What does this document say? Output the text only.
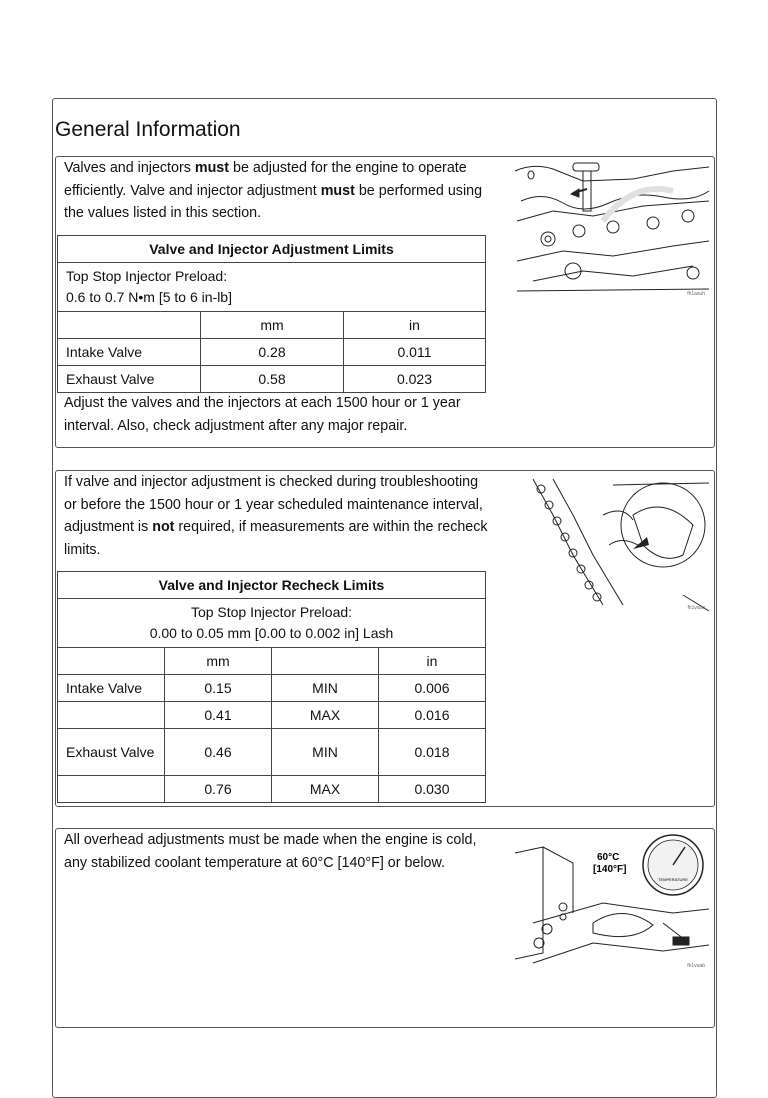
General Information
Valves and injectors must be adjusted for the engine to operate efficiently. Valve and injector adjustment must be performed using the values listed in this section.
Valve and Injector Adjustment Limits		
Top Stop Injector Preload:
0.6 to 0.7 N•m [5 to 6 in-lb]		
	mm	in
Intake Valve	0.28	0.011
Exhaust Valve	0.58	0.023
Adjust the valves and the injectors at each 1500 hour or 1 year interval. Also, check adjustment after any major repair.
fh1asuh
If valve and injector adjustment is checked during troubleshooting or before the 1500 hour or 1 year scheduled maintenance interval, adjustment is not required, if measurements are within the recheck limits.
Valve and Injector Recheck Limits			
Top Stop Injector Preload:
0.00 to 0.05 mm [0.00 to 0.002 in] Lash			
	mm		in
Intake Valve	0.15	MIN	0.006
	0.41	MAX	0.016
Exhaust Valve	0.46	MIN	0.018
	0.76	MAX	0.030
fh1vasa
All overhead adjustments must be made when the engine is cold, any stabilized coolant temperature at 60°C [140°F] or below.
TEMPERATURE
60°C
[140°F]
fh1vuab
